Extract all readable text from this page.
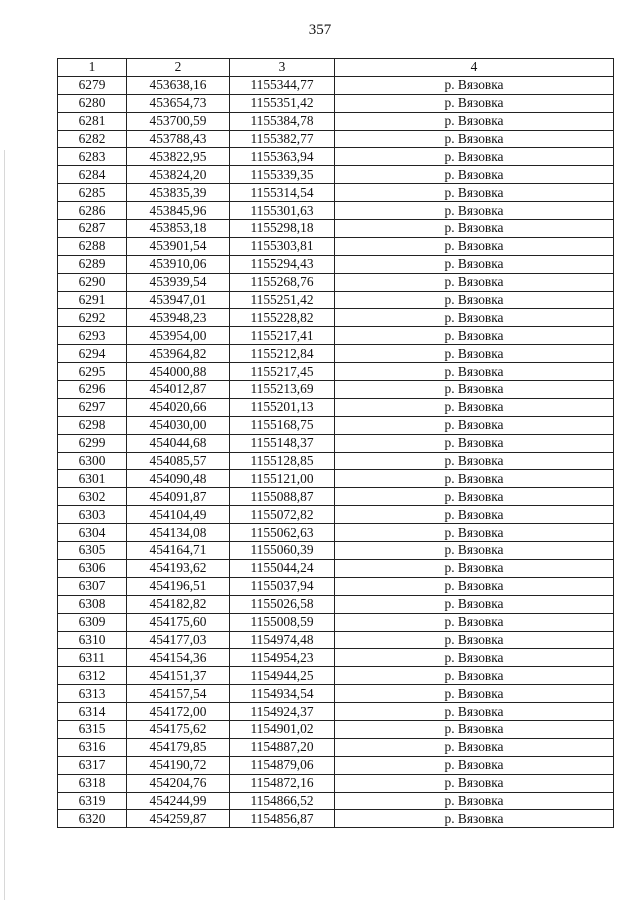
357
1	2	3	4
6279	453638,16	1155344,77	р. Вязовка
6280	453654,73	1155351,42	р. Вязовка
6281	453700,59	1155384,78	р. Вязовка
6282	453788,43	1155382,77	р. Вязовка
6283	453822,95	1155363,94	р. Вязовка
6284	453824,20	1155339,35	р. Вязовка
6285	453835,39	1155314,54	р. Вязовка
6286	453845,96	1155301,63	р. Вязовка
6287	453853,18	1155298,18	р. Вязовка
6288	453901,54	1155303,81	р. Вязовка
6289	453910,06	1155294,43	р. Вязовка
6290	453939,54	1155268,76	р. Вязовка
6291	453947,01	1155251,42	р. Вязовка
6292	453948,23	1155228,82	р. Вязовка
6293	453954,00	1155217,41	р. Вязовка
6294	453964,82	1155212,84	р. Вязовка
6295	454000,88	1155217,45	р. Вязовка
6296	454012,87	1155213,69	р. Вязовка
6297	454020,66	1155201,13	р. Вязовка
6298	454030,00	1155168,75	р. Вязовка
6299	454044,68	1155148,37	р. Вязовка
6300	454085,57	1155128,85	р. Вязовка
6301	454090,48	1155121,00	р. Вязовка
6302	454091,87	1155088,87	р. Вязовка
6303	454104,49	1155072,82	р. Вязовка
6304	454134,08	1155062,63	р. Вязовка
6305	454164,71	1155060,39	р. Вязовка
6306	454193,62	1155044,24	р. Вязовка
6307	454196,51	1155037,94	р. Вязовка
6308	454182,82	1155026,58	р. Вязовка
6309	454175,60	1155008,59	р. Вязовка
6310	454177,03	1154974,48	р. Вязовка
6311	454154,36	1154954,23	р. Вязовка
6312	454151,37	1154944,25	р. Вязовка
6313	454157,54	1154934,54	р. Вязовка
6314	454172,00	1154924,37	р. Вязовка
6315	454175,62	1154901,02	р. Вязовка
6316	454179,85	1154887,20	р. Вязовка
6317	454190,72	1154879,06	р. Вязовка
6318	454204,76	1154872,16	р. Вязовка
6319	454244,99	1154866,52	р. Вязовка
6320	454259,87	1154856,87	р. Вязовка
